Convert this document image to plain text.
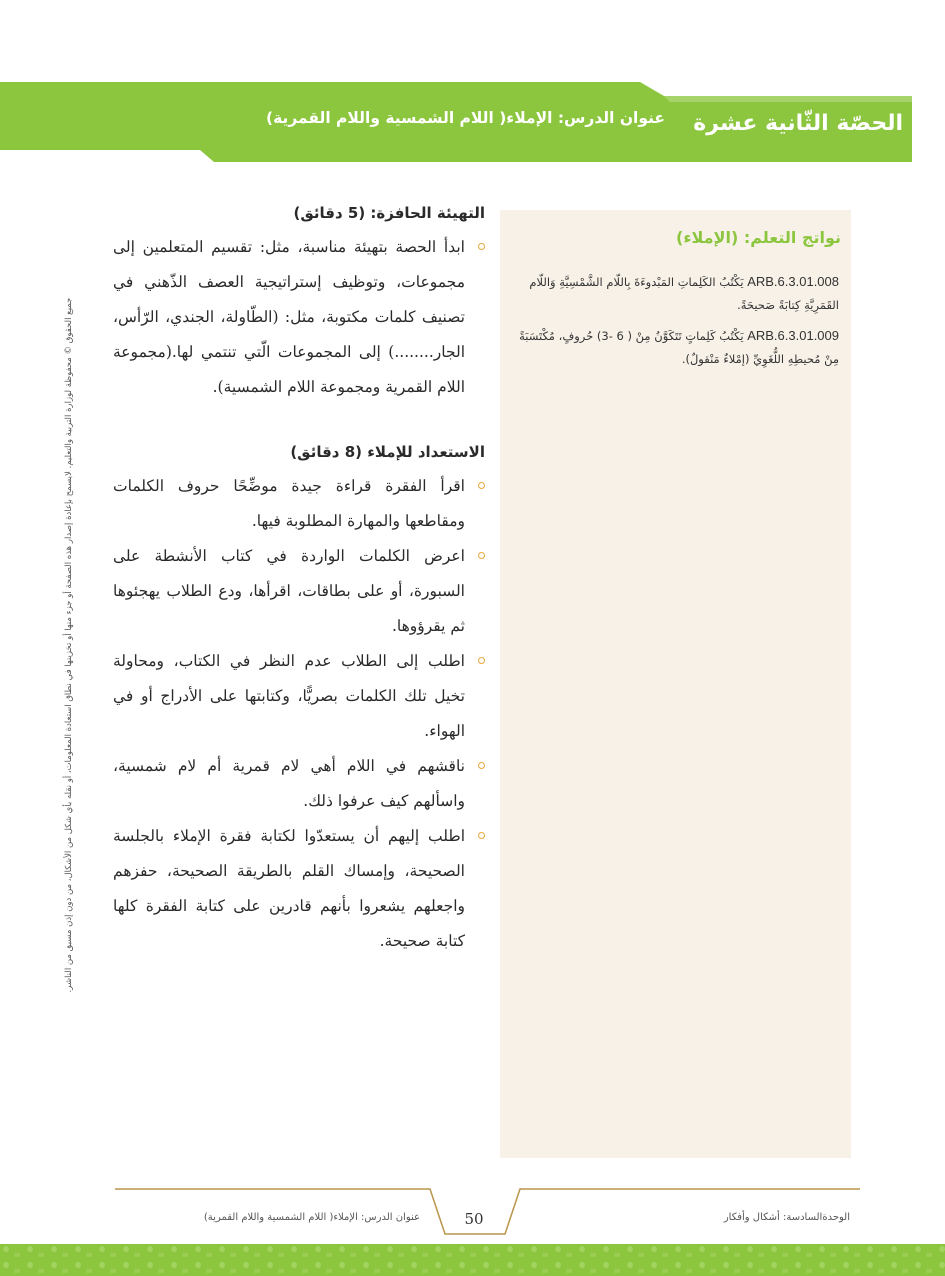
عنوان الدرس: الإملاء( اللام الشمسية واللام القمرية) الحصّة الثّانية عشرة
جميع الحقوق © محفوظة لوزارة التربية والتعليم. لايسمح بإعادة إصدار هذه الصفحة أو جزء منها أو تخزينها في نطاق استعادة المعلومات، أو نقله بأي شكل من الأشكال، من دون إذن مسبق من الناشر.
نواتج التعلم: (الإملاء)
ARB.6.3.01.008 يَكْتُبُ الكَلِماتِ المَبْدوءَةَ بِاللّام الشَّمْسِيَّةِ وَاللّام القَمَرِيَّةِ كِتابَةً صَحيحَةً.
ARB.6.3.01.009 يَكْتُبُ كَلِماتٍ تَتَكَوَّنُ مِنْ ( 6 -3) حُروفٍ، مُكْتَسَبَةً مِنْ مُحيطِهِ اللُّغَوِيِّ (إمْلاءٌ مَنْقولٌ).
التهيئة الحافزة: (5 دقائق)
ابدأ الحصة بتهيئة مناسبة، مثل: تقسيم المتعلمين إلى مجموعات، وتوظيف إستراتيجية العصف الذّهني في تصنيف كلمات مكتوبة، مثل: (الطّاولة، الجندي، الرّأس، الجار........) إلى المجموعات الّتي تنتمي لها.(مجموعة اللام القمرية ومجموعة اللام الشمسية).
الاستعداد للإملاء (8 دقائق)
اقرأ الفقرة قراءة جيدة موضِّحًا حروف الكلمات ومقاطعها والمهارة المطلوبة فيها.
اعرض الكلمات الواردة في كتاب الأنشطة على السبورة، أو على بطاقات، اقرأها، ودع الطلاب يهجئوها ثم يقرؤوها.
اطلب إلى الطلاب عدم النظر في الكتاب، ومحاولة تخيل تلك الكلمات بصريًّا، وكتابتها على الأدراج أو في الهواء.
ناقشهم في اللام أهي لام قمرية أم لام شمسية، واسألهم كيف عرفوا ذلك.
اطلب إليهم أن يستعدّوا لكتابة فقرة الإملاء بالجلسة الصحيحة، وإمساك القلم بالطريقة الصحيحة، حفزهم واجعلهم يشعروا بأنهم قادرين على كتابة الفقرة كلها كتابة صحيحة.
50
عنوان الدرس: الإملاء( اللام الشمسية واللام القمرية)	الوحدةالسادسة: أشكال وأفكار
